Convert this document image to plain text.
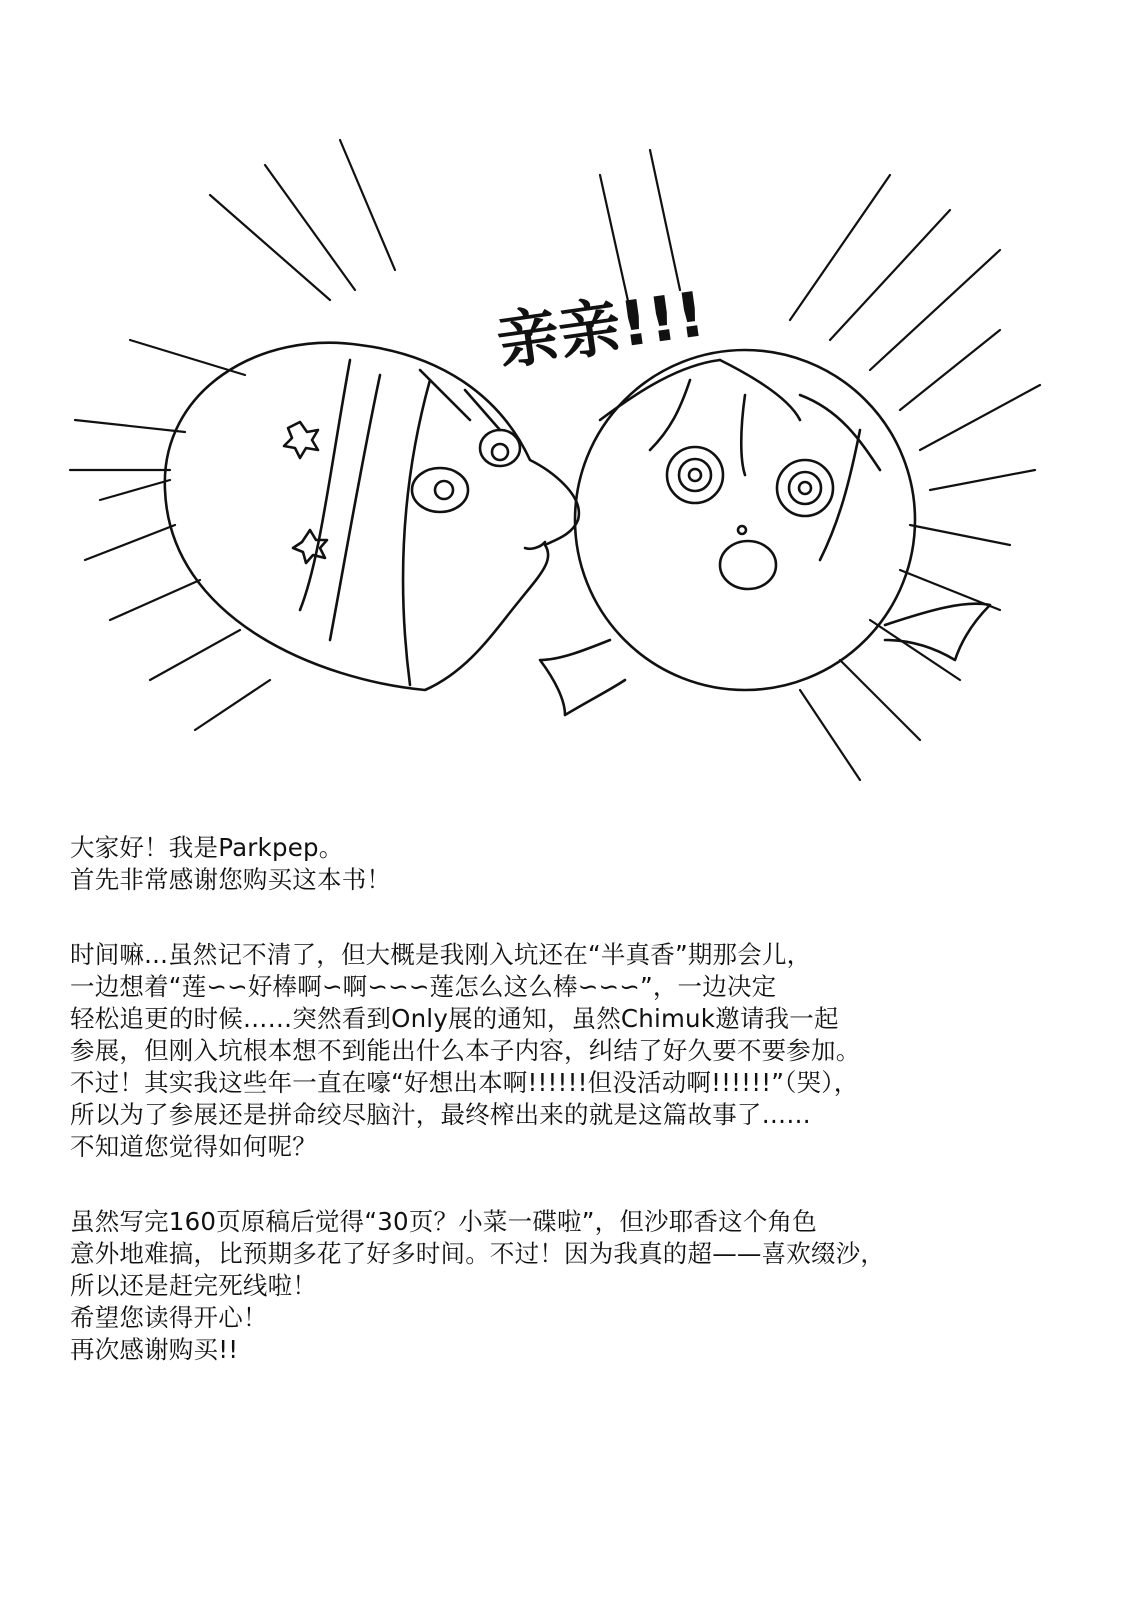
亲亲!!!
大家好！我是Parkpep。
首先非常感谢您购买这本书！
时间嘛...虽然记不清了，但大概是我刚入坑还在“半真香”期那会儿，
一边想着“莲∽∽好棒啊∽啊∽∽∽莲怎么这么棒∽∽∽”，一边决定
轻松追更的时候……突然看到Only展的通知，虽然Chimuk邀请我一起
参展，但刚入坑根本想不到能出什么本子内容，纠结了好久要不要参加。
不过！其实我这些年一直在嚎“好想出本啊!!!!!!但没活动啊!!!!!!”（哭），
所以为了参展还是拼命绞尽脑汁，最终榨出来的就是这篇故事了……
不知道您觉得如何呢？
虽然写完160页原稿后觉得“30页？小菜一碟啦”，但沙耶香这个角色
意外地难搞，比预期多花了好多时间。不过！因为我真的超——喜欢缀沙，
所以还是赶完死线啦！
希望您读得开心！
再次感谢购买!!
